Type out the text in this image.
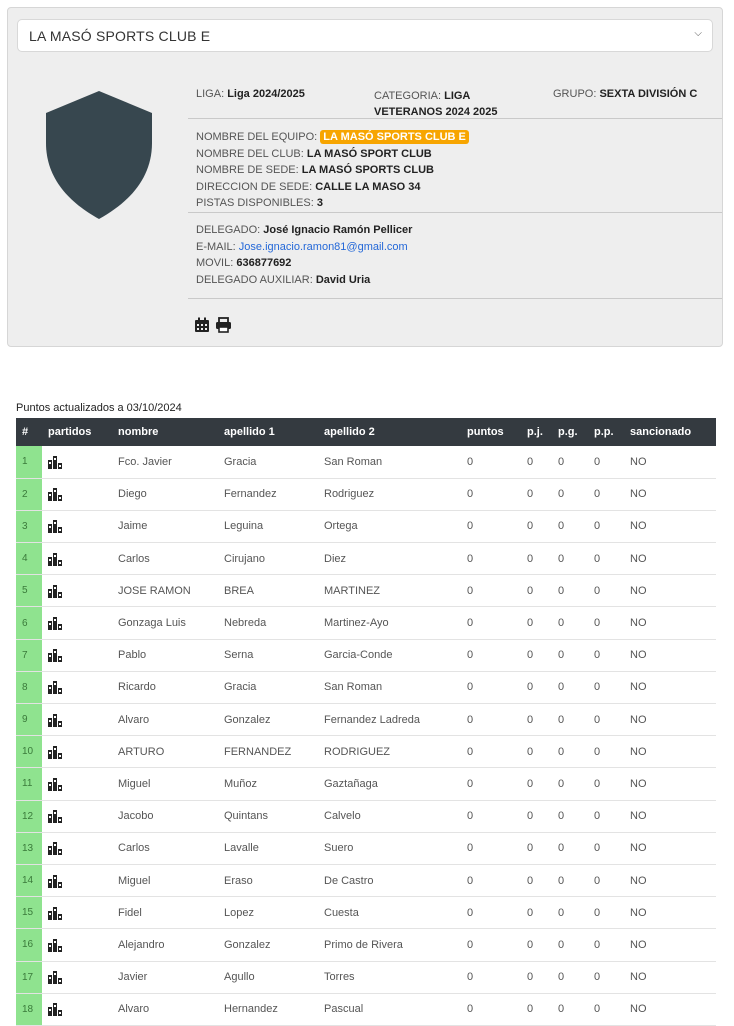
LA MASÓ SPORTS CLUB E	⌵
LIGA: Liga 2024/2025	CATEGORIA: LIGA VETERANOS 2024 2025
GRUPO: SEXTA DIVISIÓN C
NOMBRE DEL EQUIPO: LA MASÓ SPORTS CLUB E
NOMBRE DEL CLUB: LA MASÓ SPORT CLUB
NOMBRE DE SEDE: LA MASÓ SPORTS CLUB
DIRECCION DE SEDE: CALLE LA MASO 34
PISTAS DISPONIBLES: 3
DELEGADO: José Ignacio Ramón Pellicer
E-MAIL: Jose.ignacio.ramon81@gmail.com
MOVIL: 636877692
DELEGADO AUXILIAR: David Uria

Puntos actualizados a 03/10/2024
#	partidos	nombre	apellido 1	apellido 2	puntos	p.j.	p.g.	p.p.	sancionado
1		Fco. Javier	Gracia	San Roman	0	0	0	0	NO
2		Diego	Fernandez	Rodriguez	0	0	0	0	NO
3		Jaime	Leguina	Ortega	0	0	0	0	NO
4		Carlos	Cirujano	Diez	0	0	0	0	NO
5		JOSE RAMON	BREA	MARTINEZ	0	0	0	0	NO
6		Gonzaga Luis	Nebreda	Martinez-Ayo	0	0	0	0	NO
7		Pablo	Serna	Garcia-Conde	0	0	0	0	NO
8		Ricardo	Gracia	San Roman	0	0	0	0	NO
9		Alvaro	Gonzalez	Fernandez Ladreda	0	0	0	0	NO
10		ARTURO	FERNANDEZ	RODRIGUEZ	0	0	0	0	NO
11		Miguel	Muñoz	Gaztañaga	0	0	0	0	NO
12		Jacobo	Quintans	Calvelo	0	0	0	0	NO
13		Carlos	Lavalle	Suero	0	0	0	0	NO
14		Miguel	Eraso	De Castro	0	0	0	0	NO
15		Fidel	Lopez	Cuesta	0	0	0	0	NO
16		Alejandro	Gonzalez	Primo de Rivera	0	0	0	0	NO
17		Javier	Agullo	Torres	0	0	0	0	NO
18		Alvaro	Hernandez	Pascual	0	0	0	0	NO
